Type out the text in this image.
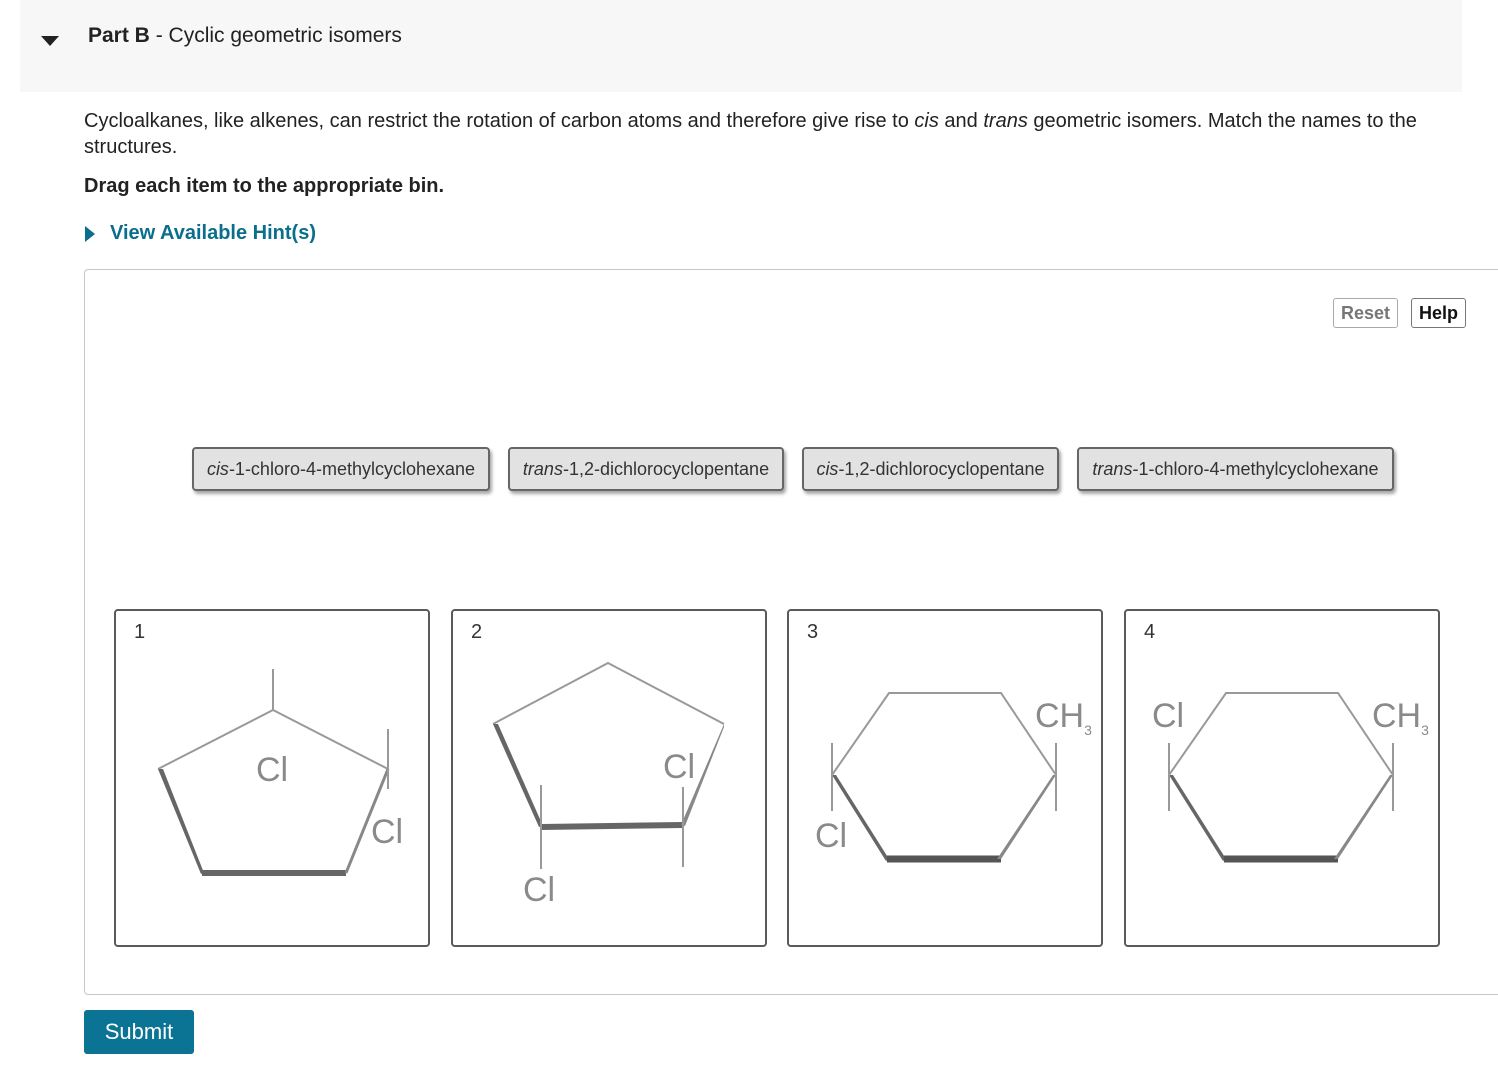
Part B - Cyclic geometric isomers
Cycloalkanes, like alkenes, can restrict the rotation of carbon atoms and therefore give rise to cis and trans geometric isomers. Match the names to the structures.
Drag each item to the appropriate bin.
View Available Hint(s)
Reset	Help
cis-1-chloro-4-methylcyclohexane	trans-1,2-dichlorocyclopentane	cis-1,2-dichlorocyclopentane	trans-1-chloro-4-methylcyclohexane
1
Cl
Cl
2
Cl
Cl
3
$CH_3$
Cl
4
Cl	$CH_3$
Submit
